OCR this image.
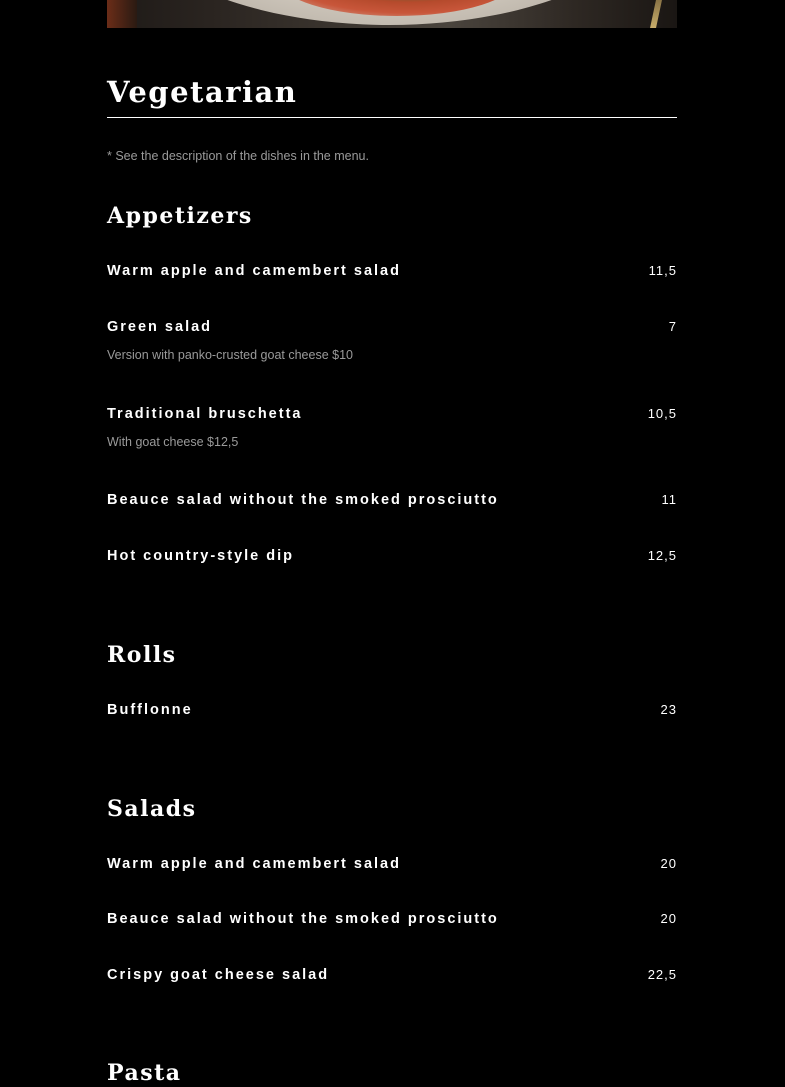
Vegetarian
* See the description of the dishes in the menu.
Appetizers
Warm apple and camembert salad	11,5
Green salad	7
Version with panko-crusted goat cheese $10
Traditional bruschetta	10,5
With goat cheese $12,5
Beauce salad without the smoked prosciutto	11
Hot country-style dip	12,5
Rolls
Bufflonne	23
Salads
Warm apple and camembert salad	20
Beauce salad without the smoked prosciutto	20
Crispy goat cheese salad	22,5
Pasta
